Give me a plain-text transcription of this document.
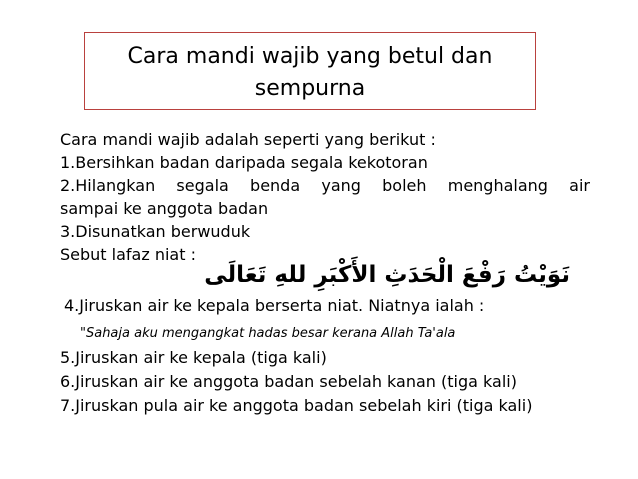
Cara mandi wajib yang betul dan
sempurna
Cara mandi wajib adalah seperti yang berikut :
1.Bersihkan badan daripada segala kekotoran
2.Hilangkan segala benda yang boleh menghalang air
sampai ke anggota badan
3.Disunatkan berwuduk
Sebut lafaz niat :
نَوَيْتُ رَفْعَ الْحَدَثِ الأَكْبَرِ للهِ تَعَالَى
4.Jiruskan air ke kepala berserta niat. Niatnya ialah :
"Sahaja aku mengangkat hadas besar kerana Allah Ta'ala
5.Jiruskan air ke kepala (tiga kali)
6.Jiruskan air ke anggota badan sebelah kanan (tiga kali)
7.Jiruskan pula air ke anggota badan sebelah kiri (tiga kali)
